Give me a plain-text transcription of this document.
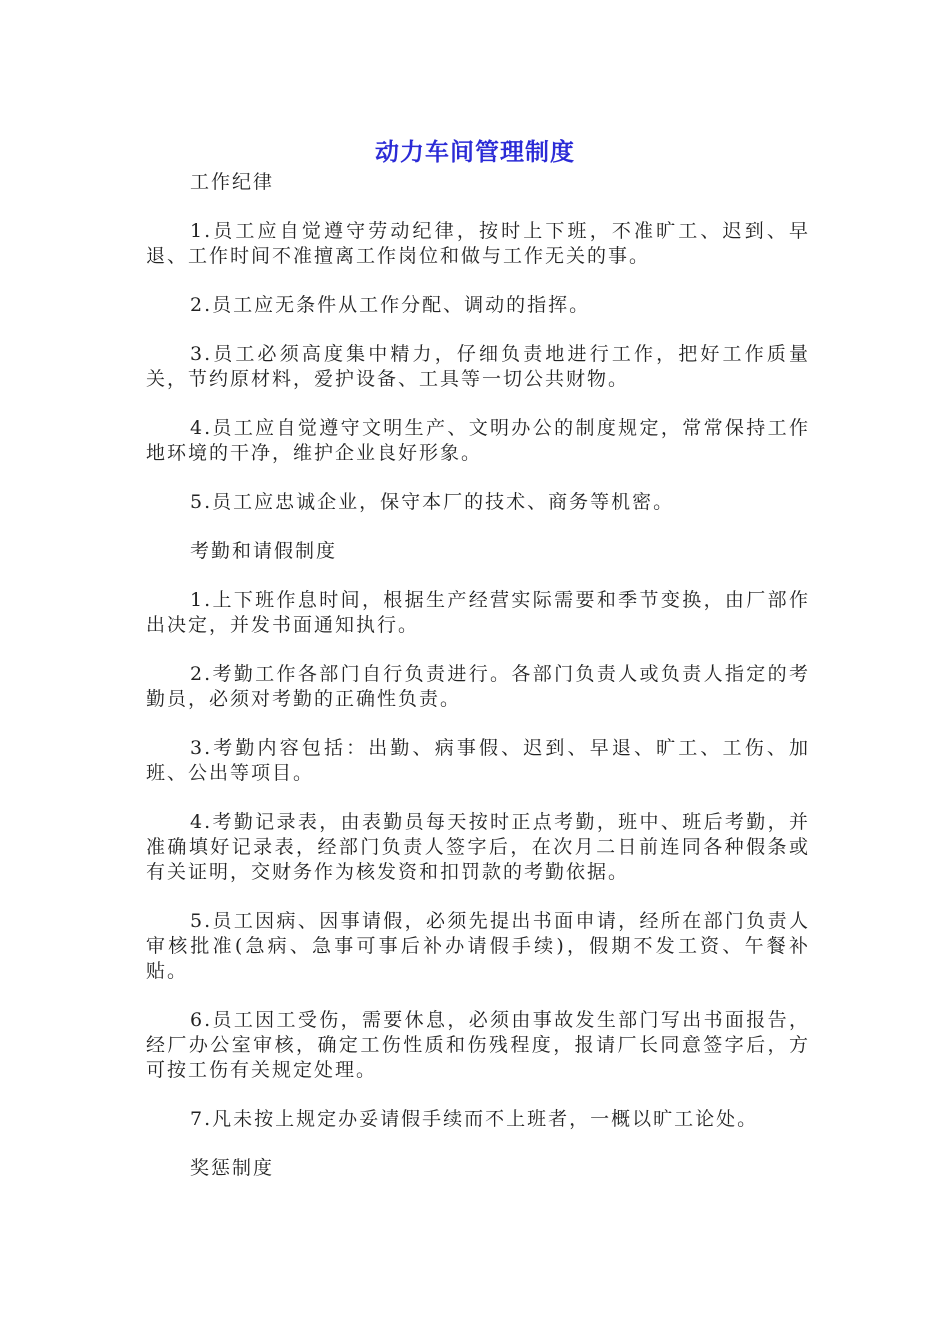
动力车间管理制度

工作纪律

1.员工应自觉遵守劳动纪律，按时上下班，不准旷工、迟到、早退、工作时间不准擅离工作岗位和做与工作无关的事。

2.员工应无条件从工作分配、调动的指挥。

3.员工必须高度集中精力，仔细负责地进行工作，把好工作质量关，节约原材料，爱护设备、工具等一切公共财物。

4.员工应自觉遵守文明生产、文明办公的制度规定，常常保持工作地环境的干净，维护企业良好形象。

5.员工应忠诚企业，保守本厂的技术、商务等机密。

考勤和请假制度

1.上下班作息时间，根据生产经营实际需要和季节变换，由厂部作出决定，并发书面通知执行。

2.考勤工作各部门自行负责进行。各部门负责人或负责人指定的考勤员，必须对考勤的正确性负责。

3.考勤内容包括：出勤、病事假、迟到、早退、旷工、工伤、加班、公出等项目。

4.考勤记录表，由表勤员每天按时正点考勤，班中、班后考勤，并准确填好记录表，经部门负责人签字后，在次月二日前连同各种假条或有关证明，交财务作为核发资和扣罚款的考勤依据。

5.员工因病、因事请假，必须先提出书面申请，经所在部门负责人审核批准(急病、急事可事后补办请假手续)，假期不发工资、午餐补贴。

6.员工因工受伤，需要休息，必须由事故发生部门写出书面报告，经厂办公室审核，确定工伤性质和伤残程度，报请厂长同意签字后，方可按工伤有关规定处理。

7.凡未按上规定办妥请假手续而不上班者，一概以旷工论处。

奖惩制度
